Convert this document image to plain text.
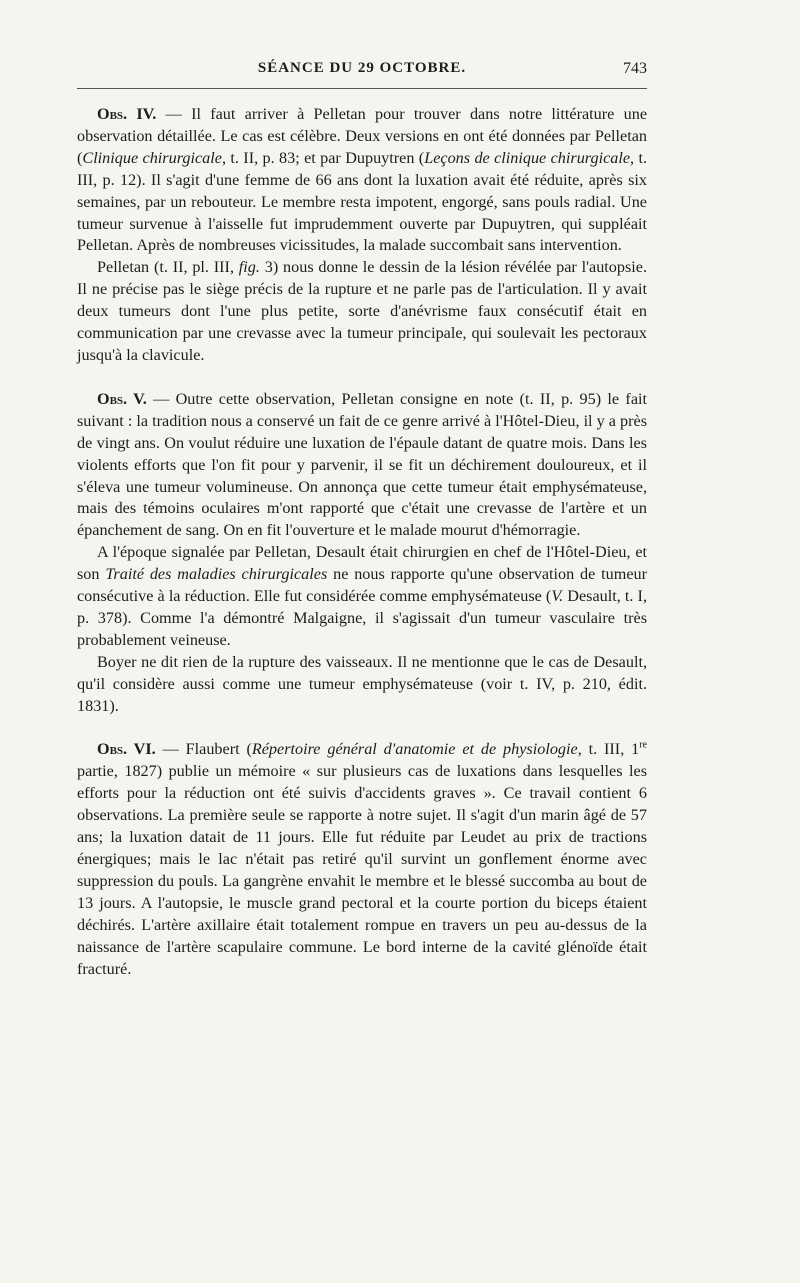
SÉANCE DU 29 OCTOBRE.	743

Obs. IV. — Il faut arriver à Pelletan pour trouver dans notre littérature une observation détaillée. Le cas est célèbre. Deux versions en ont été données par Pelletan (Clinique chirurgicale, t. II, p. 83; et par Dupuytren (Leçons de clinique chirurgicale, t. III, p. 12). Il s'agit d'une femme de 66 ans dont la luxation avait été réduite, après six semaines, par un rebouteur. Le membre resta impotent, engorgé, sans pouls radial. Une tumeur survenue à l'aisselle fut imprudemment ouverte par Dupuytren, qui suppléait Pelletan. Après de nombreuses vicissitudes, la malade succombait sans intervention.

Pelletan (t. II, pl. III, fig. 3) nous donne le dessin de la lésion révélée par l'autopsie. Il ne précise pas le siège précis de la rupture et ne parle pas de l'articulation. Il y avait deux tumeurs dont l'une plus petite, sorte d'anévrisme faux consécutif était en communication par une crevasse avec la tumeur principale, qui soulevait les pectoraux jusqu'à la clavicule.

Obs. V. — Outre cette observation, Pelletan consigne en note (t. II, p. 95) le fait suivant : la tradition nous a conservé un fait de ce genre arrivé à l'Hôtel-Dieu, il y a près de vingt ans. On voulut réduire une luxation de l'épaule datant de quatre mois. Dans les violents efforts que l'on fit pour y parvenir, il se fit un déchirement douloureux, et il s'éleva une tumeur volumineuse. On annonça que cette tumeur était emphysémateuse, mais des témoins oculaires m'ont rapporté que c'était une crevasse de l'artère et un épanchement de sang. On en fit l'ouverture et le malade mourut d'hémorragie.

A l'époque signalée par Pelletan, Desault était chirurgien en chef de l'Hôtel-Dieu, et son Traité des maladies chirurgicales ne nous rapporte qu'une observation de tumeur consécutive à la réduction. Elle fut considérée comme emphysémateuse (V. Desault, t. I, p. 378). Comme l'a démontré Malgaigne, il s'agissait d'un tumeur vasculaire très probablement veineuse.

Boyer ne dit rien de la rupture des vaisseaux. Il ne mentionne que le cas de Desault, qu'il considère aussi comme une tumeur emphysémateuse (voir t. IV, p. 210, édit. 1831).

Obs. VI. — Flaubert (Répertoire général d'anatomie et de physiologie, t. III, 1re partie, 1827) publie un mémoire « sur plusieurs cas de luxations dans lesquelles les efforts pour la réduction ont été suivis d'accidents graves ». Ce travail contient 6 observations. La première seule se rapporte à notre sujet. Il s'agit d'un marin âgé de 57 ans; la luxation datait de 11 jours. Elle fut réduite par Leudet au prix de tractions énergiques; mais le lac n'était pas retiré qu'il survint un gonflement énorme avec suppression du pouls. La gangrène envahit le membre et le blessé succomba au bout de 13 jours. A l'autopsie, le muscle grand pectoral et la courte portion du biceps étaient déchirés. L'artère axillaire était totalement rompue en travers un peu au-dessus de la naissance de l'artère scapulaire commune. Le bord interne de la cavité glénoïde était fracturé.
